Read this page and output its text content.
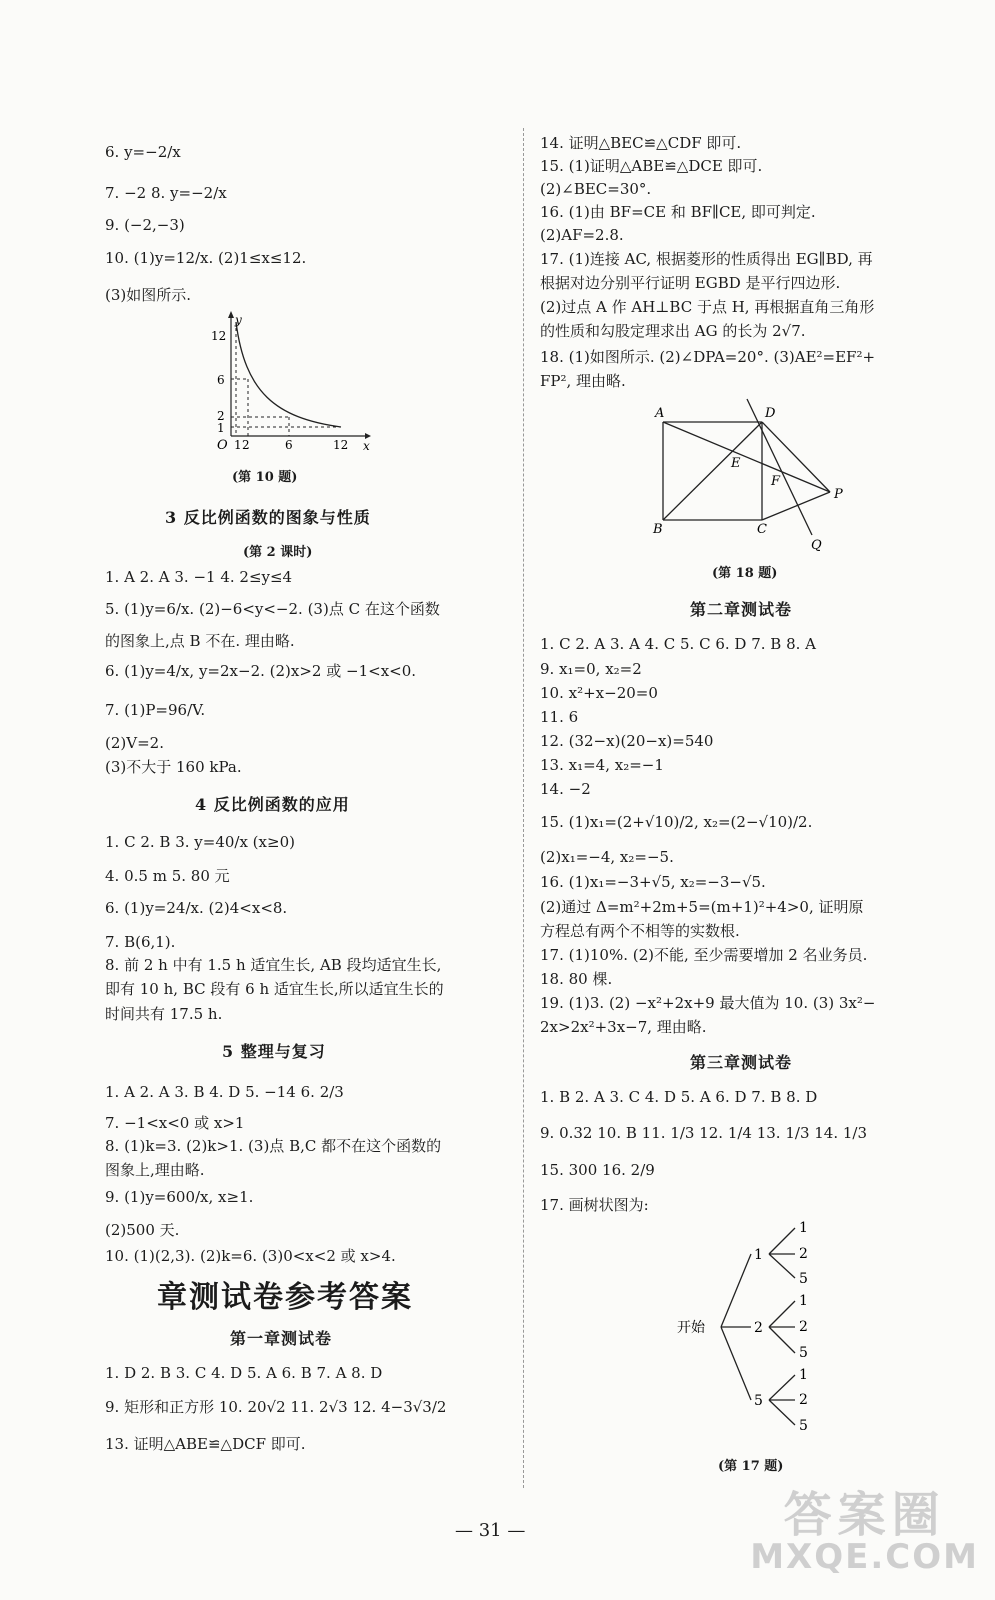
6. y=−2/x
7. −2 8. y=−2/x
9. (−2,−3)
10. (1)y=12/x. (2)1≤x≤12.
(3)如图所示.
y
x
O
12
6
2
1
1 2	6	12
(第 10 题)
3 反比例函数的图象与性质
(第 2 课时)
1. A 2. A 3. −1 4. 2≤y≤4
5. (1)y=6/x. (2)−6<y<−2. (3)点 C 在这个函数
的图象上,点 B 不在. 理由略.
6. (1)y=4/x, y=2x−2. (2)x>2 或 −1<x<0.
7. (1)P=96/V.
(2)V=2.
(3)不大于 160 kPa.
4 反比例函数的应用
1. C 2. B 3. y=40/x (x≥0)
4. 0.5 m 5. 80 元
6. (1)y=24/x. (2)4<x<8.
7. B(6,1).
8. 前 2 h 中有 1.5 h 适宜生长, AB 段均适宜生长,
即有 10 h, BC 段有 6 h 适宜生长,所以适宜生长的
时间共有 17.5 h.
5 整理与复习
1. A 2. A 3. B 4. D 5. −14 6. 2/3
7. −1<x<0 或 x>1
8. (1)k=3. (2)k>1. (3)点 B,C 都不在这个函数的
图象上,理由略.
9. (1)y=600/x, x≥1.
(2)500 天.
10. (1)(2,3). (2)k=6. (3)0<x<2 或 x>4.
章测试卷参考答案
第一章测试卷
1. D 2. B 3. C 4. D 5. A 6. B 7. A 8. D
9. 矩形和正方形 10. 20√2 11. 2√3 12. 4−3√3/2
13. 证明△ABE≌△DCF 即可.
14. 证明△BEC≌△CDF 即可.
15. (1)证明△ABE≌△DCE 即可.
(2)∠BEC=30°.
16. (1)由 BF=CE 和 BF∥CE, 即可判定.
(2)AF=2.8.
17. (1)连接 AC, 根据菱形的性质得出 EG∥BD, 再
根据对边分别平行证明 EGBD 是平行四边形.
(2)过点 A 作 AH⊥BC 于点 H, 再根据直角三角形
的性质和勾股定理求出 AG 的长为 2√7.
18. (1)如图所示. (2)∠DPA=20°. (3)AE²=EF²+
FP², 理由略.
A	D
E
F
P
B	C
Q
(第 18 题)
第二章测试卷
1. C 2. A 3. A 4. C 5. C 6. D 7. B 8. A
9. x₁=0, x₂=2
10. x²+x−20=0
11. 6
12. (32−x)(20−x)=540
13. x₁=4, x₂=−1
14. −2
15. (1)x₁=(2+√10)/2, x₂=(2−√10)/2.
(2)x₁=−4, x₂=−5.
16. (1)x₁=−3+√5, x₂=−3−√5.
(2)通过 Δ=m²+2m+5=(m+1)²+4>0, 证明原
方程总有两个不相等的实数根.
17. (1)10%. (2)不能, 至少需要增加 2 名业务员.
18. 80 棵.
19. (1)3. (2) −x²+2x+9 最大值为 10. (3) 3x²−
2x>2x²+3x−7, 理由略.
第三章测试卷
1. B 2. A 3. C 4. D 5. A 6. D 7. B 8. D
9. 0.32 10. B 11. 1/3 12. 1/4 13. 1/3 14. 1/3
15. 300 16. 2/9
17. 画树状图为:
开始
1
2
5
1
2
5
1
2
5
1
2
5
(第 17 题)
— 31 —	答案圈
MXQE.COM
